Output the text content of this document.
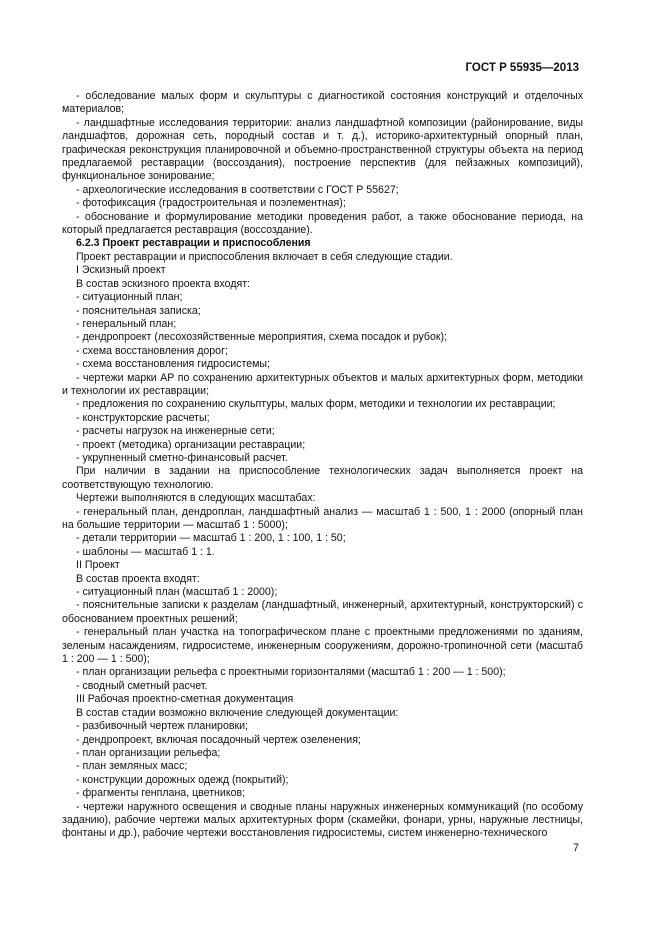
ГОСТ Р 55935—2013

- обследование малых форм и скульптуры с диагностикой состояния конструкций и отделочных материалов;

- ландшафтные исследования территории: анализ ландшафтной композиции (районирование, виды ландшафтов, дорожная сеть, породный состав и т. д.), историко-архитектурный опорный план, графическая реконструкция планировочной и объемно-пространственной структуры объекта на период предлагаемой реставрации (воссоздания), построение перспектив (для пейзажных композиций), функциональное зонирование;

- археологические исследования в соответствии с ГОСТ Р 55627;

- фотофиксация (градостроительная и поэлементная);

- обоснование и формулирование методики проведения работ, а также обоснование периода, на который предлагается реставрация (воссоздание).

6.2.3 Проект реставрации и приспособления

Проект реставрации и приспособления включает в себя следующие стадии.

I Эскизный проект

В состав эскизного проекта входят:

- ситуационный план;

- пояснительная записка;

- генеральный план;

- дендропроект (лесохозяйственные мероприятия, схема посадок и рубок);

- схема восстановления дорог;

- схема восстановления гидросистемы;

- чертежи марки АР по сохранению архитектурных объектов и малых архитектурных форм, методики и технологии их реставрации;

- предложения по сохранению скульптуры, малых форм, методики и технологии их реставрации;

- конструкторские расчеты;

- расчеты нагрузок на инженерные сети;

- проект (методика) организации реставрации;

- укрупненный сметно-финансовый расчет.

При наличии в задании на приспособление технологических задач выполняется проект на соответствующую технологию.

Чертежи выполняются в следующих масштабах:

- генеральный план, дендроплан, ландшафтный анализ — масштаб 1 : 500, 1 : 2000 (опорный план на большие территории — масштаб 1 : 5000);

- детали территории — масштаб 1 : 200, 1 : 100, 1 : 50;

- шаблоны — масштаб 1 : 1.

II Проект

В состав проекта входят:

- ситуационный план (масштаб 1 : 2000);

- пояснительные записки к разделам (ландшафтный, инженерный, архитектурный, конструкторский) с обоснованием проектных решений;

- генеральный план участка на топографическом плане с проектными предложениями по зданиям, зеленым насаждениям, гидросистеме, инженерным сооружениям, дорожно-тропиночной сети (масштаб 1 : 200 — 1 : 500);

- план организации рельефа с проектными горизонталями (масштаб 1 : 200 — 1 : 500);

- сводный сметный расчет.

III Рабочая проектно-сметная документация

В состав стадии возможно включение следующей документации:

- разбивочный чертеж планировки;

- дендропроект, включая посадочный чертеж озеленения;

- план организации рельефа;

- план земляных масс;

- конструкции дорожных одежд (покрытий);

- фрагменты генплана, цветников;

- чертежи наружного освещения и сводные планы наружных инженерных коммуникаций (по особому заданию), рабочие чертежи малых архитектурных форм (скамейки, фонари, урны, наружные лестницы, фонтаны и др.), рабочие чертежи восстановления гидросистемы, систем инженерно-технического

7
